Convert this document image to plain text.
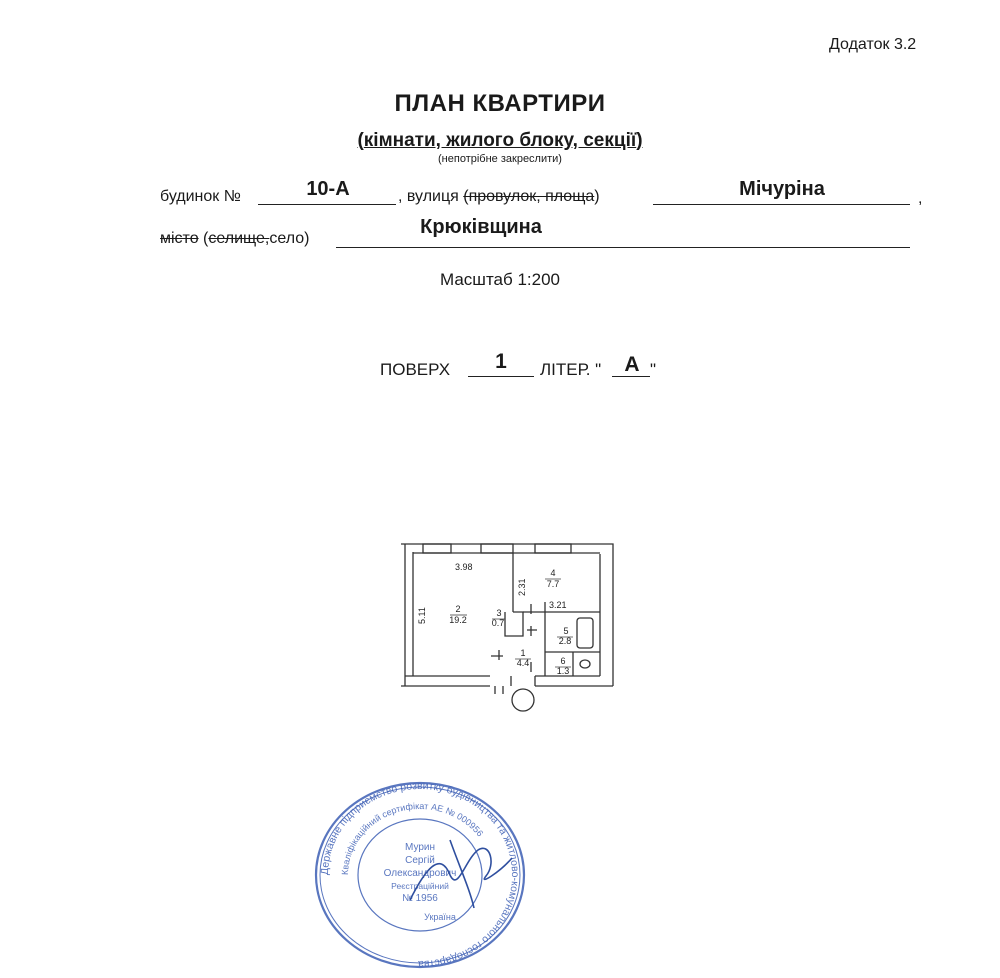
Додаток 3.2
ПЛАН КВАРТИРИ
(кімнати, жилого блоку, секції)
(непотрібне закреслити)
будинок №	10-А	, вулиця (провулок, площа)	Мічуріна	,
місто (селище,село)
Крюківщина
Масштаб 1:200
ПОВЕРХ	1	ЛІТЕР. "	А "
3.98
5.11
2.31
3.21
4
7.7
2
19.2
3
0.7
5
2.8
1
4.4	6
1.3
Державне підприємство розвитку будівництва та житлово-комунального господарства
Кваліфікаційний сертифікат АЕ № 000956
Мурин
Сергій
Олександрович
Реєстраційний
№ 1956
Україна
